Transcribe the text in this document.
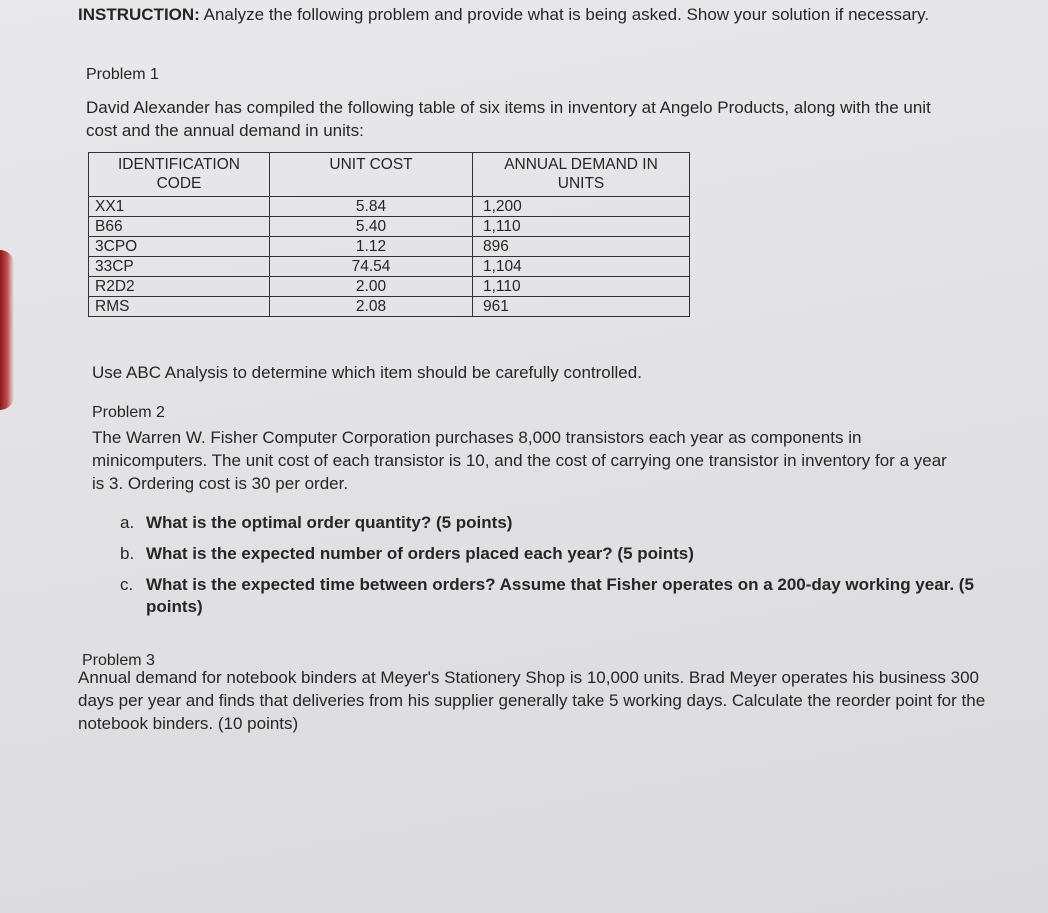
INSTRUCTION: Analyze the following problem and provide what is being asked. Show your solution if necessary.

Problem 1

David Alexander has compiled the following table of six items in inventory at Angelo Products, along with the unit cost and the annual demand in units:

IDENTIFICATION CODE	UNIT COST	ANNUAL DEMAND IN UNITS
XX1	5.84	1,200
B66	5.40	1,110
3CPO	1.12	896
33CP	74.54	1,104
R2D2	2.00	1,110
RMS	2.08	961

Use ABC Analysis to determine which item should be carefully controlled.

Problem 2

The Warren W. Fisher Computer Corporation purchases 8,000 transistors each year as components in minicomputers. The unit cost of each transistor is 10, and the cost of carrying one transistor in inventory for a year is 3. Ordering cost is 30 per order.

a. What is the optimal order quantity? (5 points)
b. What is the expected number of orders placed each year? (5 points)
c. What is the expected time between orders? Assume that Fisher operates on a 200-day working year. (5
points)

Problem 3

Annual demand for notebook binders at Meyer's Stationery Shop is 10,000 units. Brad Meyer operates his business 300 days per year and finds that deliveries from his supplier generally take 5 working days. Calculate the reorder point for the notebook binders. (10 points)
